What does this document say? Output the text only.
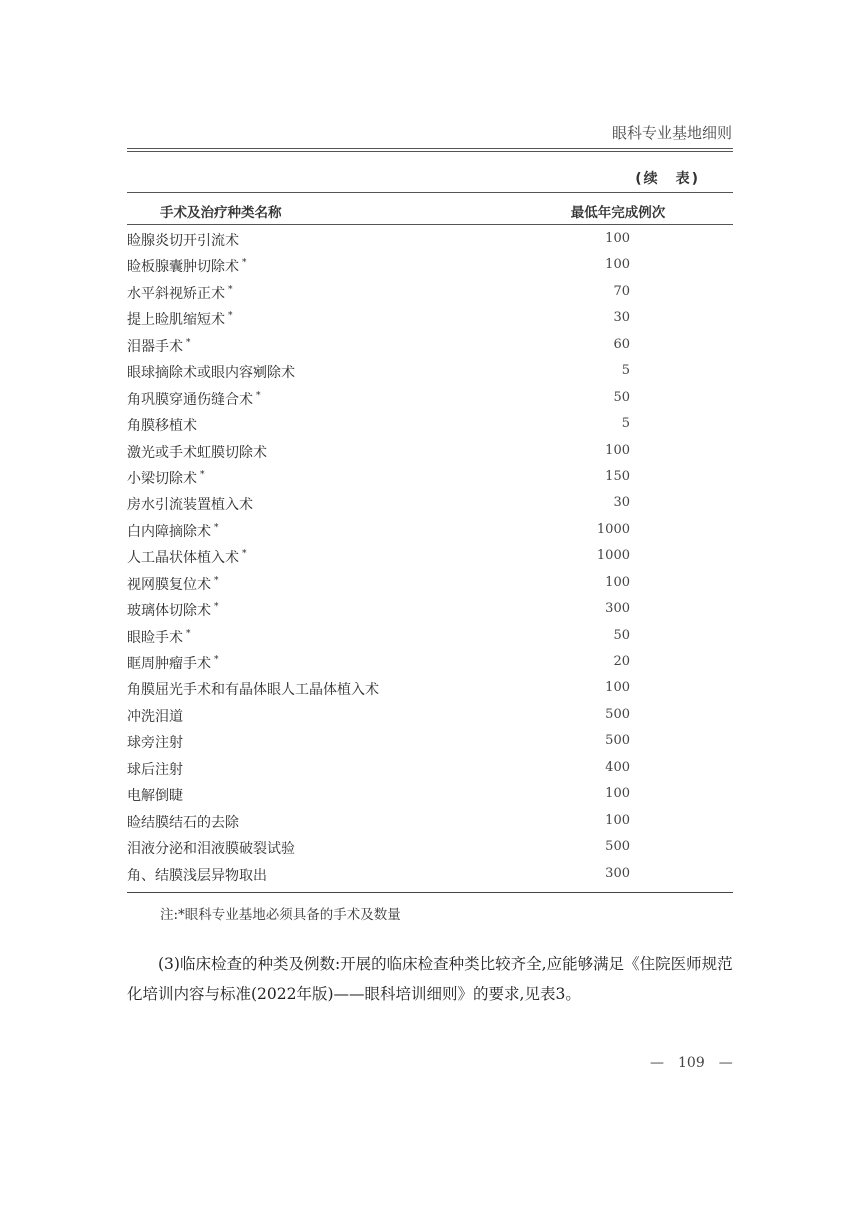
眼科专业基地细则
(续　表)
手术及治疗种类名称	最低年完成例次
睑腺炎切开引流术	100
睑板腺囊肿切除术 *	100
水平斜视矫正术 *	70
提上睑肌缩短术 *	30
泪器手术 *	60
眼球摘除术或眼内容剜除术	5
角巩膜穿通伤缝合术 *	50
角膜移植术	5
激光或手术虹膜切除术	100
小梁切除术 *	150
房水引流装置植入术	30
白内障摘除术 *	1000
人工晶状体植入术 *	1000
视网膜复位术 *	100
玻璃体切除术 *	300
眼睑手术 *	50
眶周肿瘤手术 *	20
角膜屈光手术和有晶体眼人工晶体植入术	100
冲洗泪道	500
球旁注射	500
球后注射	400
电解倒睫	100
睑结膜结石的去除	100
泪液分泌和泪液膜破裂试验	500
角、结膜浅层异物取出	300
注:*眼科专业基地必须具备的手术及数量
(3)临床检查的种类及例数:开展的临床检查种类比较齐全,应能够满足《住院医师规范化培训内容与标准(2022年版)——眼科培训细则》的要求,见表3。
—　109　—
